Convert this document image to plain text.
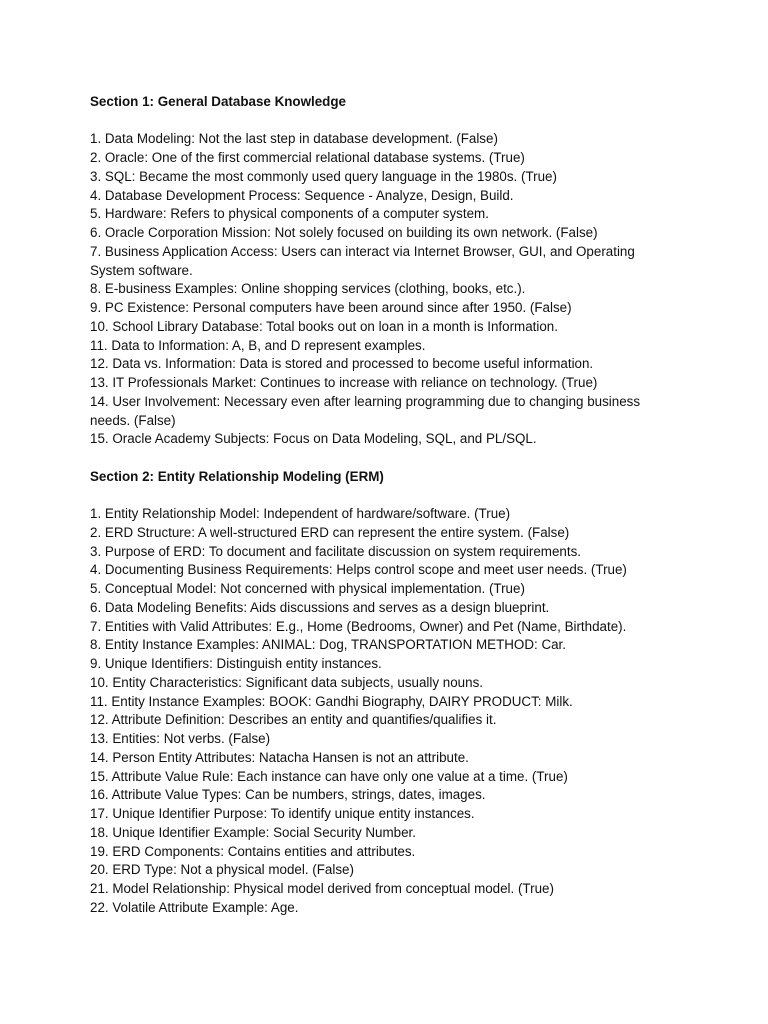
Section 1: General Database Knowledge
1. Data Modeling: Not the last step in database development. (False)
2. Oracle: One of the first commercial relational database systems. (True)
3. SQL: Became the most commonly used query language in the 1980s. (True)
4. Database Development Process: Sequence - Analyze, Design, Build.
5. Hardware: Refers to physical components of a computer system.
6. Oracle Corporation Mission: Not solely focused on building its own network. (False)
7. Business Application Access: Users can interact via Internet Browser, GUI, and Operating System software.
8. E-business Examples: Online shopping services (clothing, books, etc.).
9. PC Existence: Personal computers have been around since after 1950. (False)
10. School Library Database: Total books out on loan in a month is Information.
11. Data to Information: A, B, and D represent examples.
12. Data vs. Information: Data is stored and processed to become useful information.
13. IT Professionals Market: Continues to increase with reliance on technology. (True)
14. User Involvement: Necessary even after learning programming due to changing business needs. (False)
15. Oracle Academy Subjects: Focus on Data Modeling, SQL, and PL/SQL.
Section 2: Entity Relationship Modeling (ERM)
1. Entity Relationship Model: Independent of hardware/software. (True)
2. ERD Structure: A well-structured ERD can represent the entire system. (False)
3. Purpose of ERD: To document and facilitate discussion on system requirements.
4. Documenting Business Requirements: Helps control scope and meet user needs. (True)
5. Conceptual Model: Not concerned with physical implementation. (True)
6. Data Modeling Benefits: Aids discussions and serves as a design blueprint.
7. Entities with Valid Attributes: E.g., Home (Bedrooms, Owner) and Pet (Name, Birthdate).
8. Entity Instance Examples: ANIMAL: Dog, TRANSPORTATION METHOD: Car.
9. Unique Identifiers: Distinguish entity instances.
10. Entity Characteristics: Significant data subjects, usually nouns.
11. Entity Instance Examples: BOOK: Gandhi Biography, DAIRY PRODUCT: Milk.
12. Attribute Definition: Describes an entity and quantifies/qualifies it.
13. Entities: Not verbs. (False)
14. Person Entity Attributes: Natacha Hansen is not an attribute.
15. Attribute Value Rule: Each instance can have only one value at a time. (True)
16. Attribute Value Types: Can be numbers, strings, dates, images.
17. Unique Identifier Purpose: To identify unique entity instances.
18. Unique Identifier Example: Social Security Number.
19. ERD Components: Contains entities and attributes.
20. ERD Type: Not a physical model. (False)
21. Model Relationship: Physical model derived from conceptual model. (True)
22. Volatile Attribute Example: Age.
